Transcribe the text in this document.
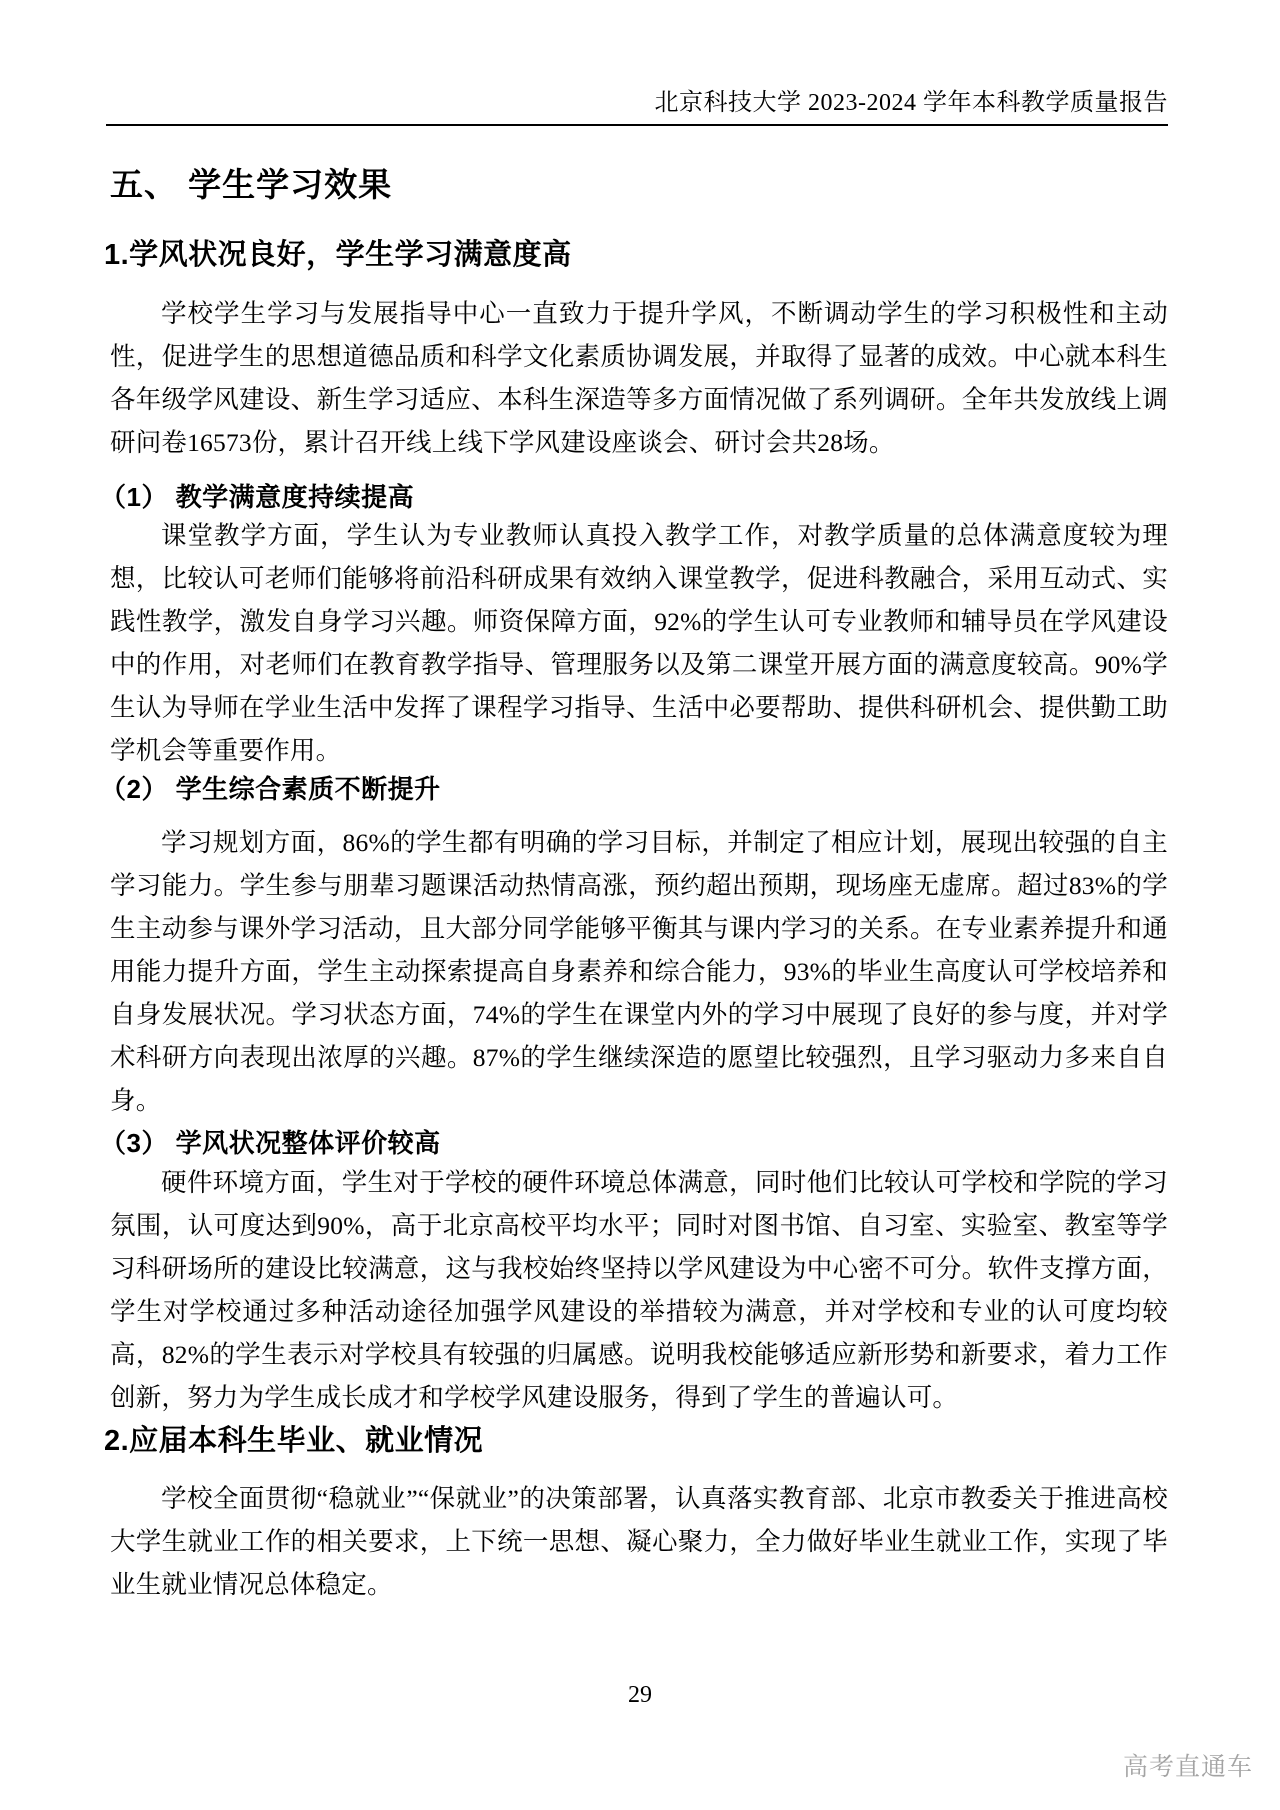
北京科技大学 2023-2024 学年本科教学质量报告
五、 学生学习效果
1.学风状况良好，学生学习满意度高
学校学生学习与发展指导中心一直致力于提升学风，不断调动学生的学习积极性和主动性，促进学生的思想道德品质和科学文化素质协调发展，并取得了显著的成效。中心就本科生各年级学风建设、新生学习适应、本科生深造等多方面情况做了系列调研。全年共发放线上调研问卷16573份，累计召开线上线下学风建设座谈会、研讨会共28场。
（1） 教学满意度持续提高
课堂教学方面，学生认为专业教师认真投入教学工作，对教学质量的总体满意度较为理想，比较认可老师们能够将前沿科研成果有效纳入课堂教学，促进科教融合，采用互动式、实践性教学，激发自身学习兴趣。师资保障方面，92%的学生认可专业教师和辅导员在学风建设中的作用，对老师们在教育教学指导、管理服务以及第二课堂开展方面的满意度较高。90%学生认为导师在学业生活中发挥了课程学习指导、生活中必要帮助、提供科研机会、提供勤工助学机会等重要作用。
（2） 学生综合素质不断提升
学习规划方面，86%的学生都有明确的学习目标，并制定了相应计划，展现出较强的自主学习能力。学生参与朋辈习题课活动热情高涨，预约超出预期，现场座无虚席。超过83%的学生主动参与课外学习活动，且大部分同学能够平衡其与课内学习的关系。在专业素养提升和通用能力提升方面，学生主动探索提高自身素养和综合能力，93%的毕业生高度认可学校培养和自身发展状况。学习状态方面，74%的学生在课堂内外的学习中展现了良好的参与度，并对学术科研方向表现出浓厚的兴趣。87%的学生继续深造的愿望比较强烈，且学习驱动力多来自自身。
（3） 学风状况整体评价较高
硬件环境方面，学生对于学校的硬件环境总体满意，同时他们比较认可学校和学院的学习氛围，认可度达到90%，高于北京高校平均水平；同时对图书馆、自习室、实验室、教室等学习科研场所的建设比较满意，这与我校始终坚持以学风建设为中心密不可分。软件支撑方面，学生对学校通过多种活动途径加强学风建设的举措较为满意，并对学校和专业的认可度均较高，82%的学生表示对学校具有较强的归属感。说明我校能够适应新形势和新要求，着力工作创新，努力为学生成长成才和学校学风建设服务，得到了学生的普遍认可。
2.应届本科生毕业、就业情况
学校全面贯彻“稳就业”“保就业”的决策部署，认真落实教育部、北京市教委关于推进高校大学生就业工作的相关要求，上下统一思想、凝心聚力，全力做好毕业生就业工作，实现了毕业生就业情况总体稳定。
29
高考直通车
